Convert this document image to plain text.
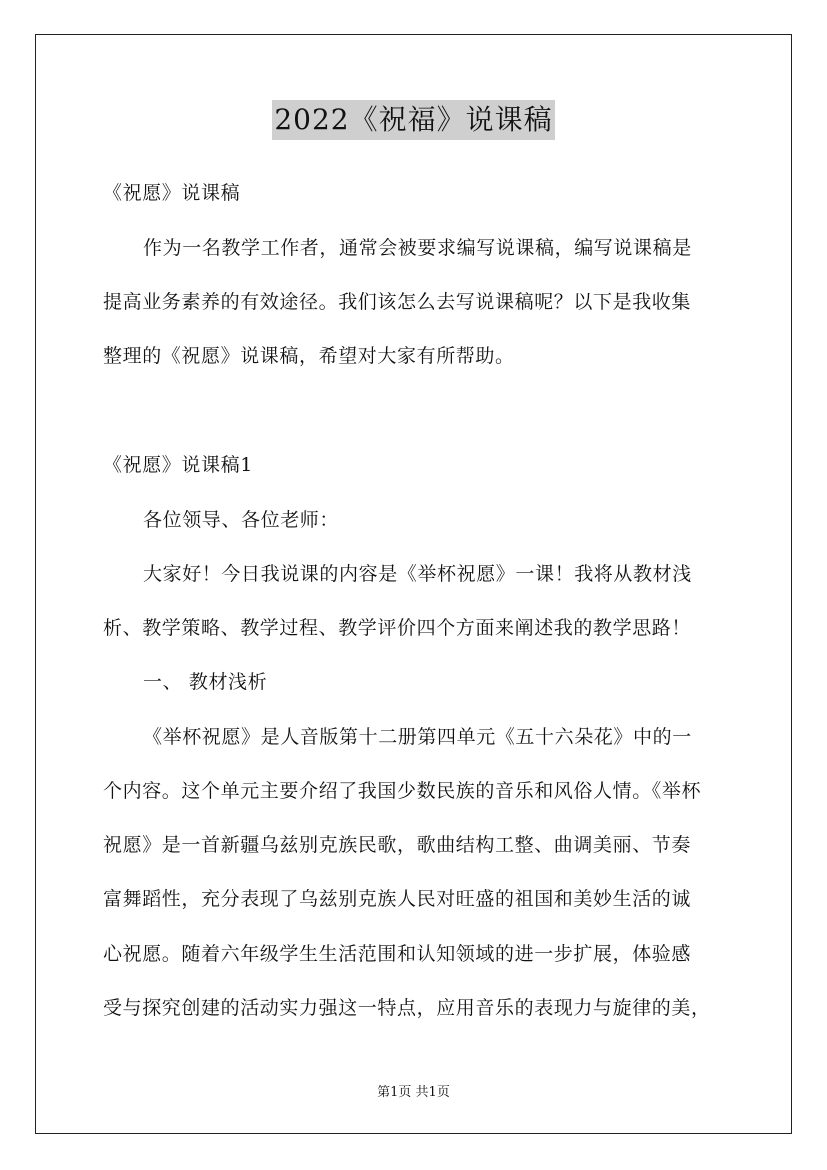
2022《祝福》说课稿
《祝愿》说课稿
作为一名教学工作者，通常会被要求编写说课稿，编写说课稿是
提高业务素养的有效途径。我们该怎么去写说课稿呢？以下是我收集
整理的《祝愿》说课稿，希望对大家有所帮助。
《祝愿》说课稿1
各位领导、各位老师：
大家好！今日我说课的内容是《举杯祝愿》一课！我将从教材浅
析、教学策略、教学过程、教学评价四个方面来阐述我的教学思路！
一、 教材浅析
《举杯祝愿》是人音版第十二册第四单元《五十六朵花》中的一
个内容。这个单元主要介绍了我国少数民族的音乐和风俗人情。《举杯
祝愿》是一首新疆乌兹别克族民歌，歌曲结构工整、曲调美丽、节奏
富舞蹈性，充分表现了乌兹别克族人民对旺盛的祖国和美妙生活的诚
心祝愿。随着六年级学生生活范围和认知领域的进一步扩展，体验感
受与探究创建的活动实力强这一特点，应用音乐的表现力与旋律的美，
第1页 共1页
